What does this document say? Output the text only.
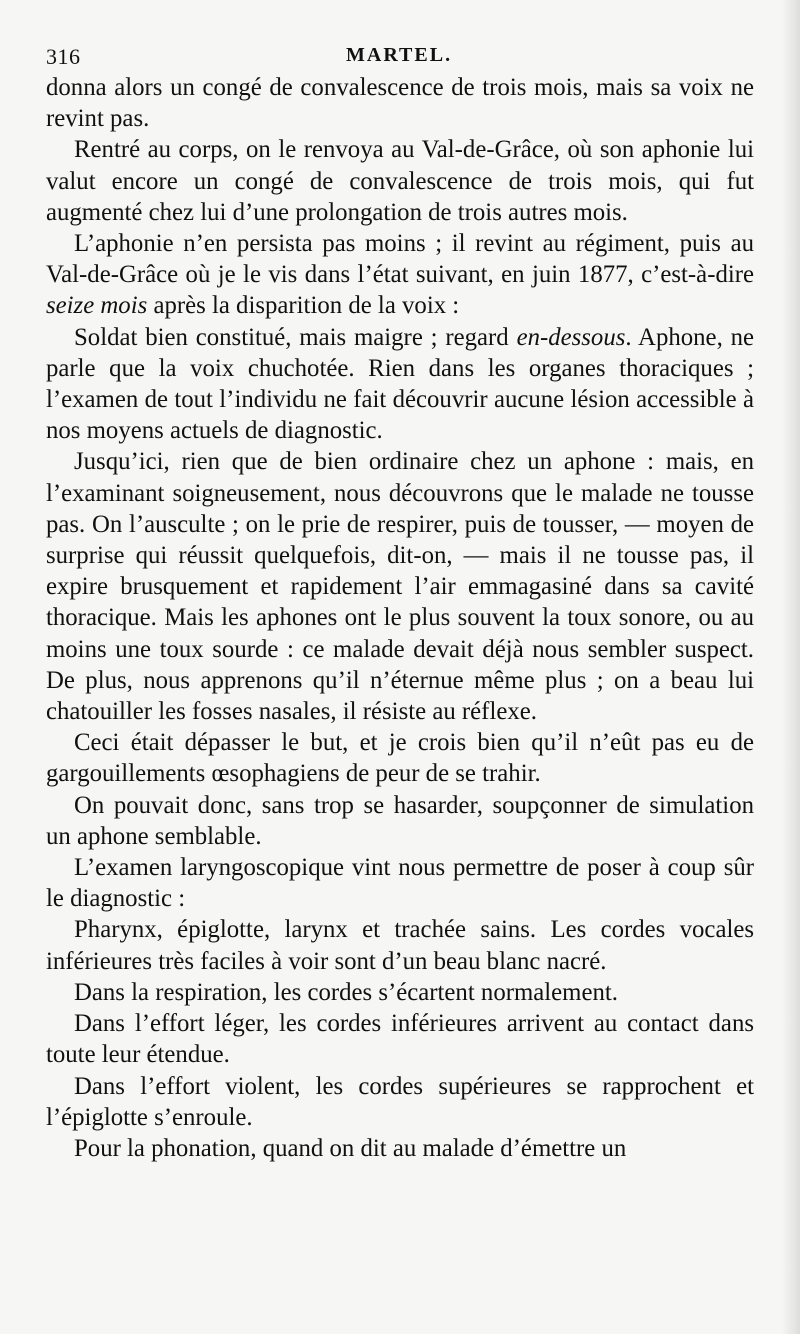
316	MARTEL.

donna alors un congé de convalescence de trois mois, mais sa voix ne revint pas.

Rentré au corps, on le renvoya au Val-de-Grâce, où son aphonie lui valut encore un congé de convalescence de trois mois, qui fut augmenté chez lui d’une prolongation de trois autres mois.

L’aphonie n’en persista pas moins ; il revint au régiment, puis au Val-de-Grâce où je le vis dans l’état suivant, en juin 1877, c’est-à-dire seize mois après la disparition de la voix :

Soldat bien constitué, mais maigre ; regard en-dessous. Aphone, ne parle que la voix chuchotée. Rien dans les organes thoraciques ; l’examen de tout l’individu ne fait découvrir aucune lésion accessible à nos moyens actuels de diagnostic.

Jusqu’ici, rien que de bien ordinaire chez un aphone : mais, en l’examinant soigneusement, nous découvrons que le malade ne tousse pas. On l’ausculte ; on le prie de respirer, puis de tousser, — moyen de surprise qui réussit quelquefois, dit-on, — mais il ne tousse pas, il expire brusquement et rapidement l’air emmagasiné dans sa cavité thoracique. Mais les aphones ont le plus souvent la toux sonore, ou au moins une toux sourde : ce malade devait déjà nous sembler suspect. De plus, nous apprenons qu’il n’éternue même plus ; on a beau lui chatouiller les fosses nasales, il résiste au réflexe.

Ceci était dépasser le but, et je crois bien qu’il n’eût pas eu de gargouillements œsophagiens de peur de se trahir.

On pouvait donc, sans trop se hasarder, soupçonner de simulation un aphone semblable.

L’examen laryngoscopique vint nous permettre de poser à coup sûr le diagnostic :

Pharynx, épiglotte, larynx et trachée sains. Les cordes vocales inférieures très faciles à voir sont d’un beau blanc nacré.

Dans la respiration, les cordes s’écartent normalement.

Dans l’effort léger, les cordes inférieures arrivent au contact dans toute leur étendue.

Dans l’effort violent, les cordes supérieures se rapprochent et l’épiglotte s’enroule.

Pour la phonation, quand on dit au malade d’émettre un
